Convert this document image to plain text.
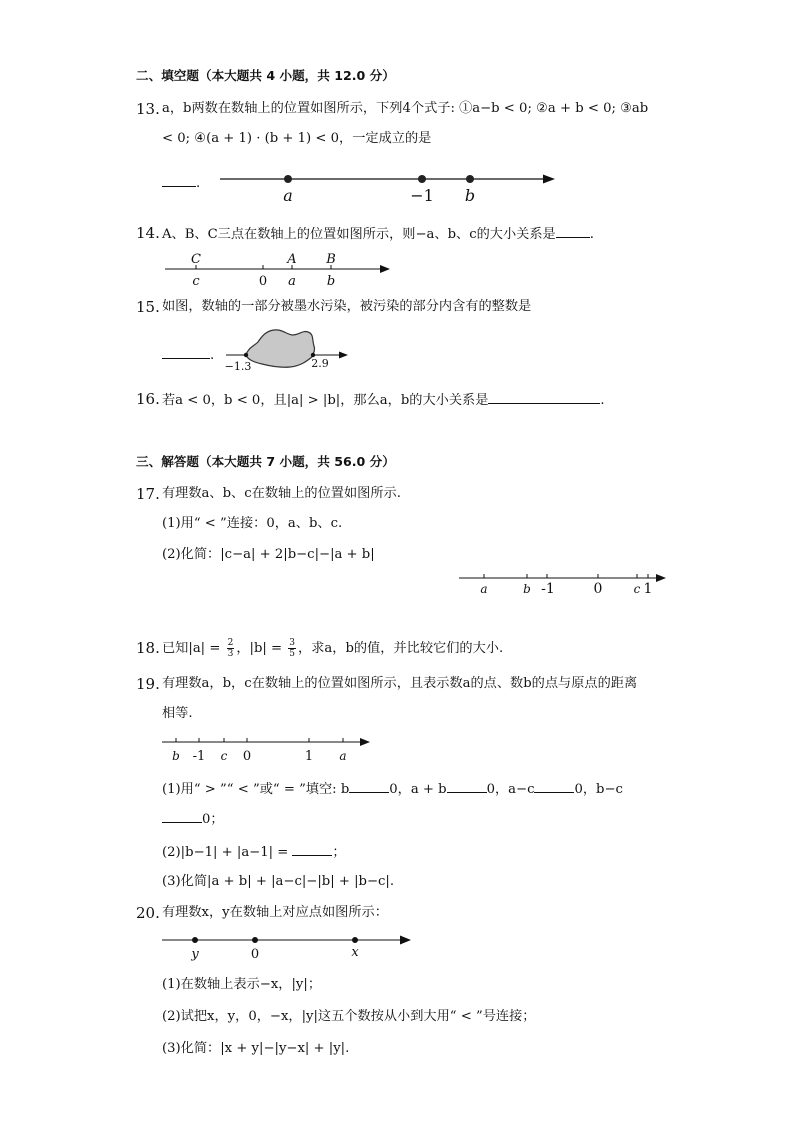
二、填空题（本大题共 4 小题，共 12.0 分）
13. a，b两数在数轴上的位置如图所示，下列4个式子: ①a−b < 0; ②a + b < 0; ③ab
< 0; ④(a + 1) · (b + 1) < 0，一定成立的是
.
a	−1 b
14. A、B、C三点在数轴上的位置如图所示，则−a、b、c的大小关系是	.
C	A B
c	0 a b
15. 如图，数轴的一部分被墨水污染，被污染的部分内含有的整数是
.
−1.3	2.9
16. 若a < 0，b < 0，且|a| > |b|，那么a，b的大小关系是	.
三、解答题（本大题共 7 小题，共 56.0 分）
17. 有理数a、b、c在数轴上的位置如图所示.
(1)用“ < ”连接：0，a、b、c.
(2)化简：|c−a| + 2|b−c|−|a + b|
a	b -1	0	c 1
18. 已知$|a| = \frac{2}{3}$ ，$|b| = \frac{3}{5}$ ，求a，b的值，并比较它们的大小.
19. 有理数a，b，c在数轴上的位置如图所示，且表示数a的点、数b的点与原点的距离
相等.
b -1 c 0	1 a
(1)用“ > ”“ < ”或“ = ”填空: b	0，a + b	0，a−c	0，b−c
0；
(2)|b−1| + |a−1| =	；
(3)化简|a + b| + |a−c|−|b| + |b−c|.
20. 有理数x，y在数轴上对应点如图所示：
y	0	x
(1)在数轴上表示−x，|y|；
(2)试把x，y，0，−x，|y|这五个数按从小到大用“ < ”号连接；
(3)化简：|x + y|−|y−x| + |y|.
